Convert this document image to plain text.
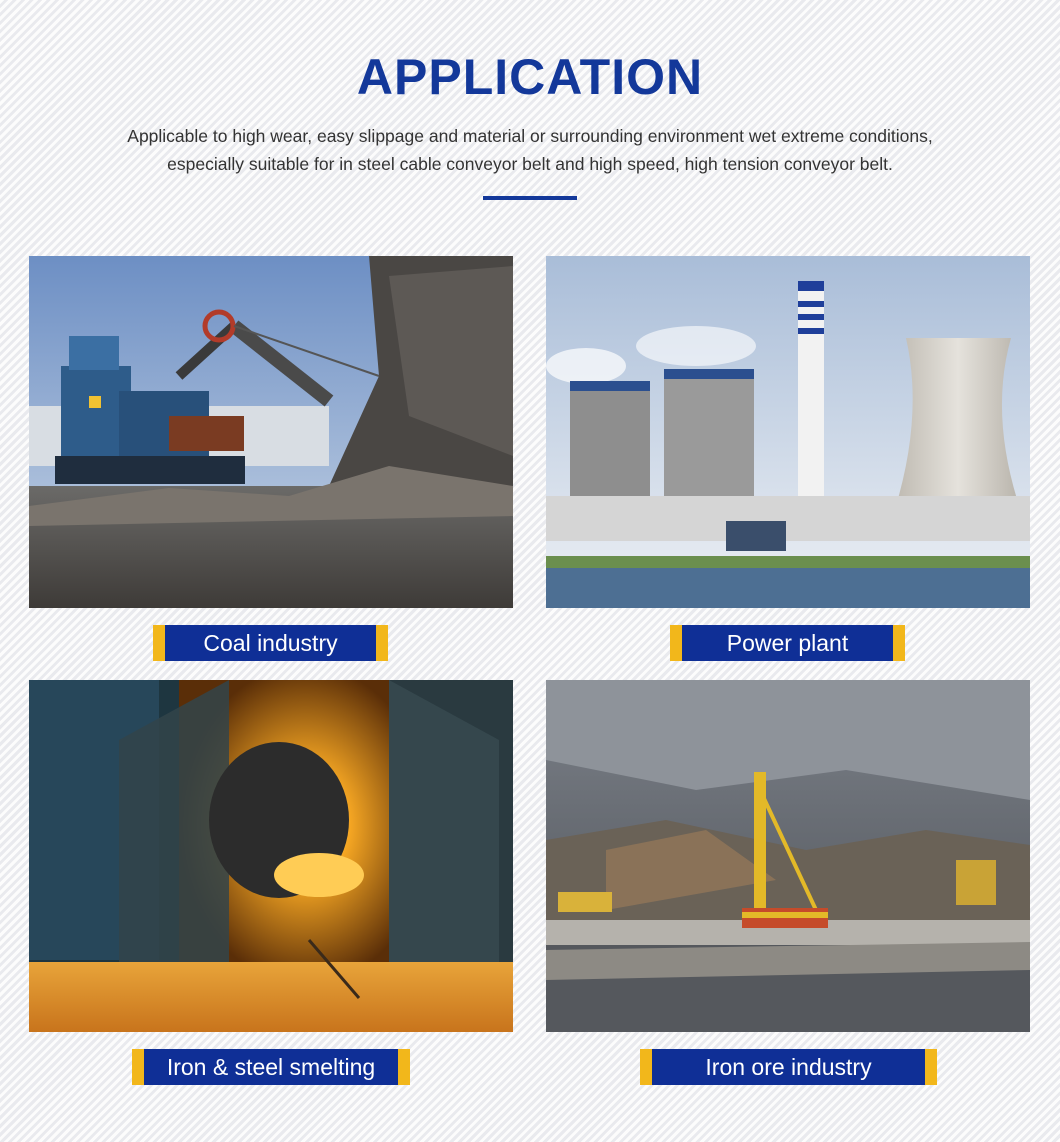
APPLICATION
Applicable to high wear, easy slippage and material or surrounding environment wet extreme conditions,
especially suitable for in steel cable conveyor belt and high speed, high tension conveyor belt.
Coal industry	Power plant
Iron & steel smelting	Iron ore industry
